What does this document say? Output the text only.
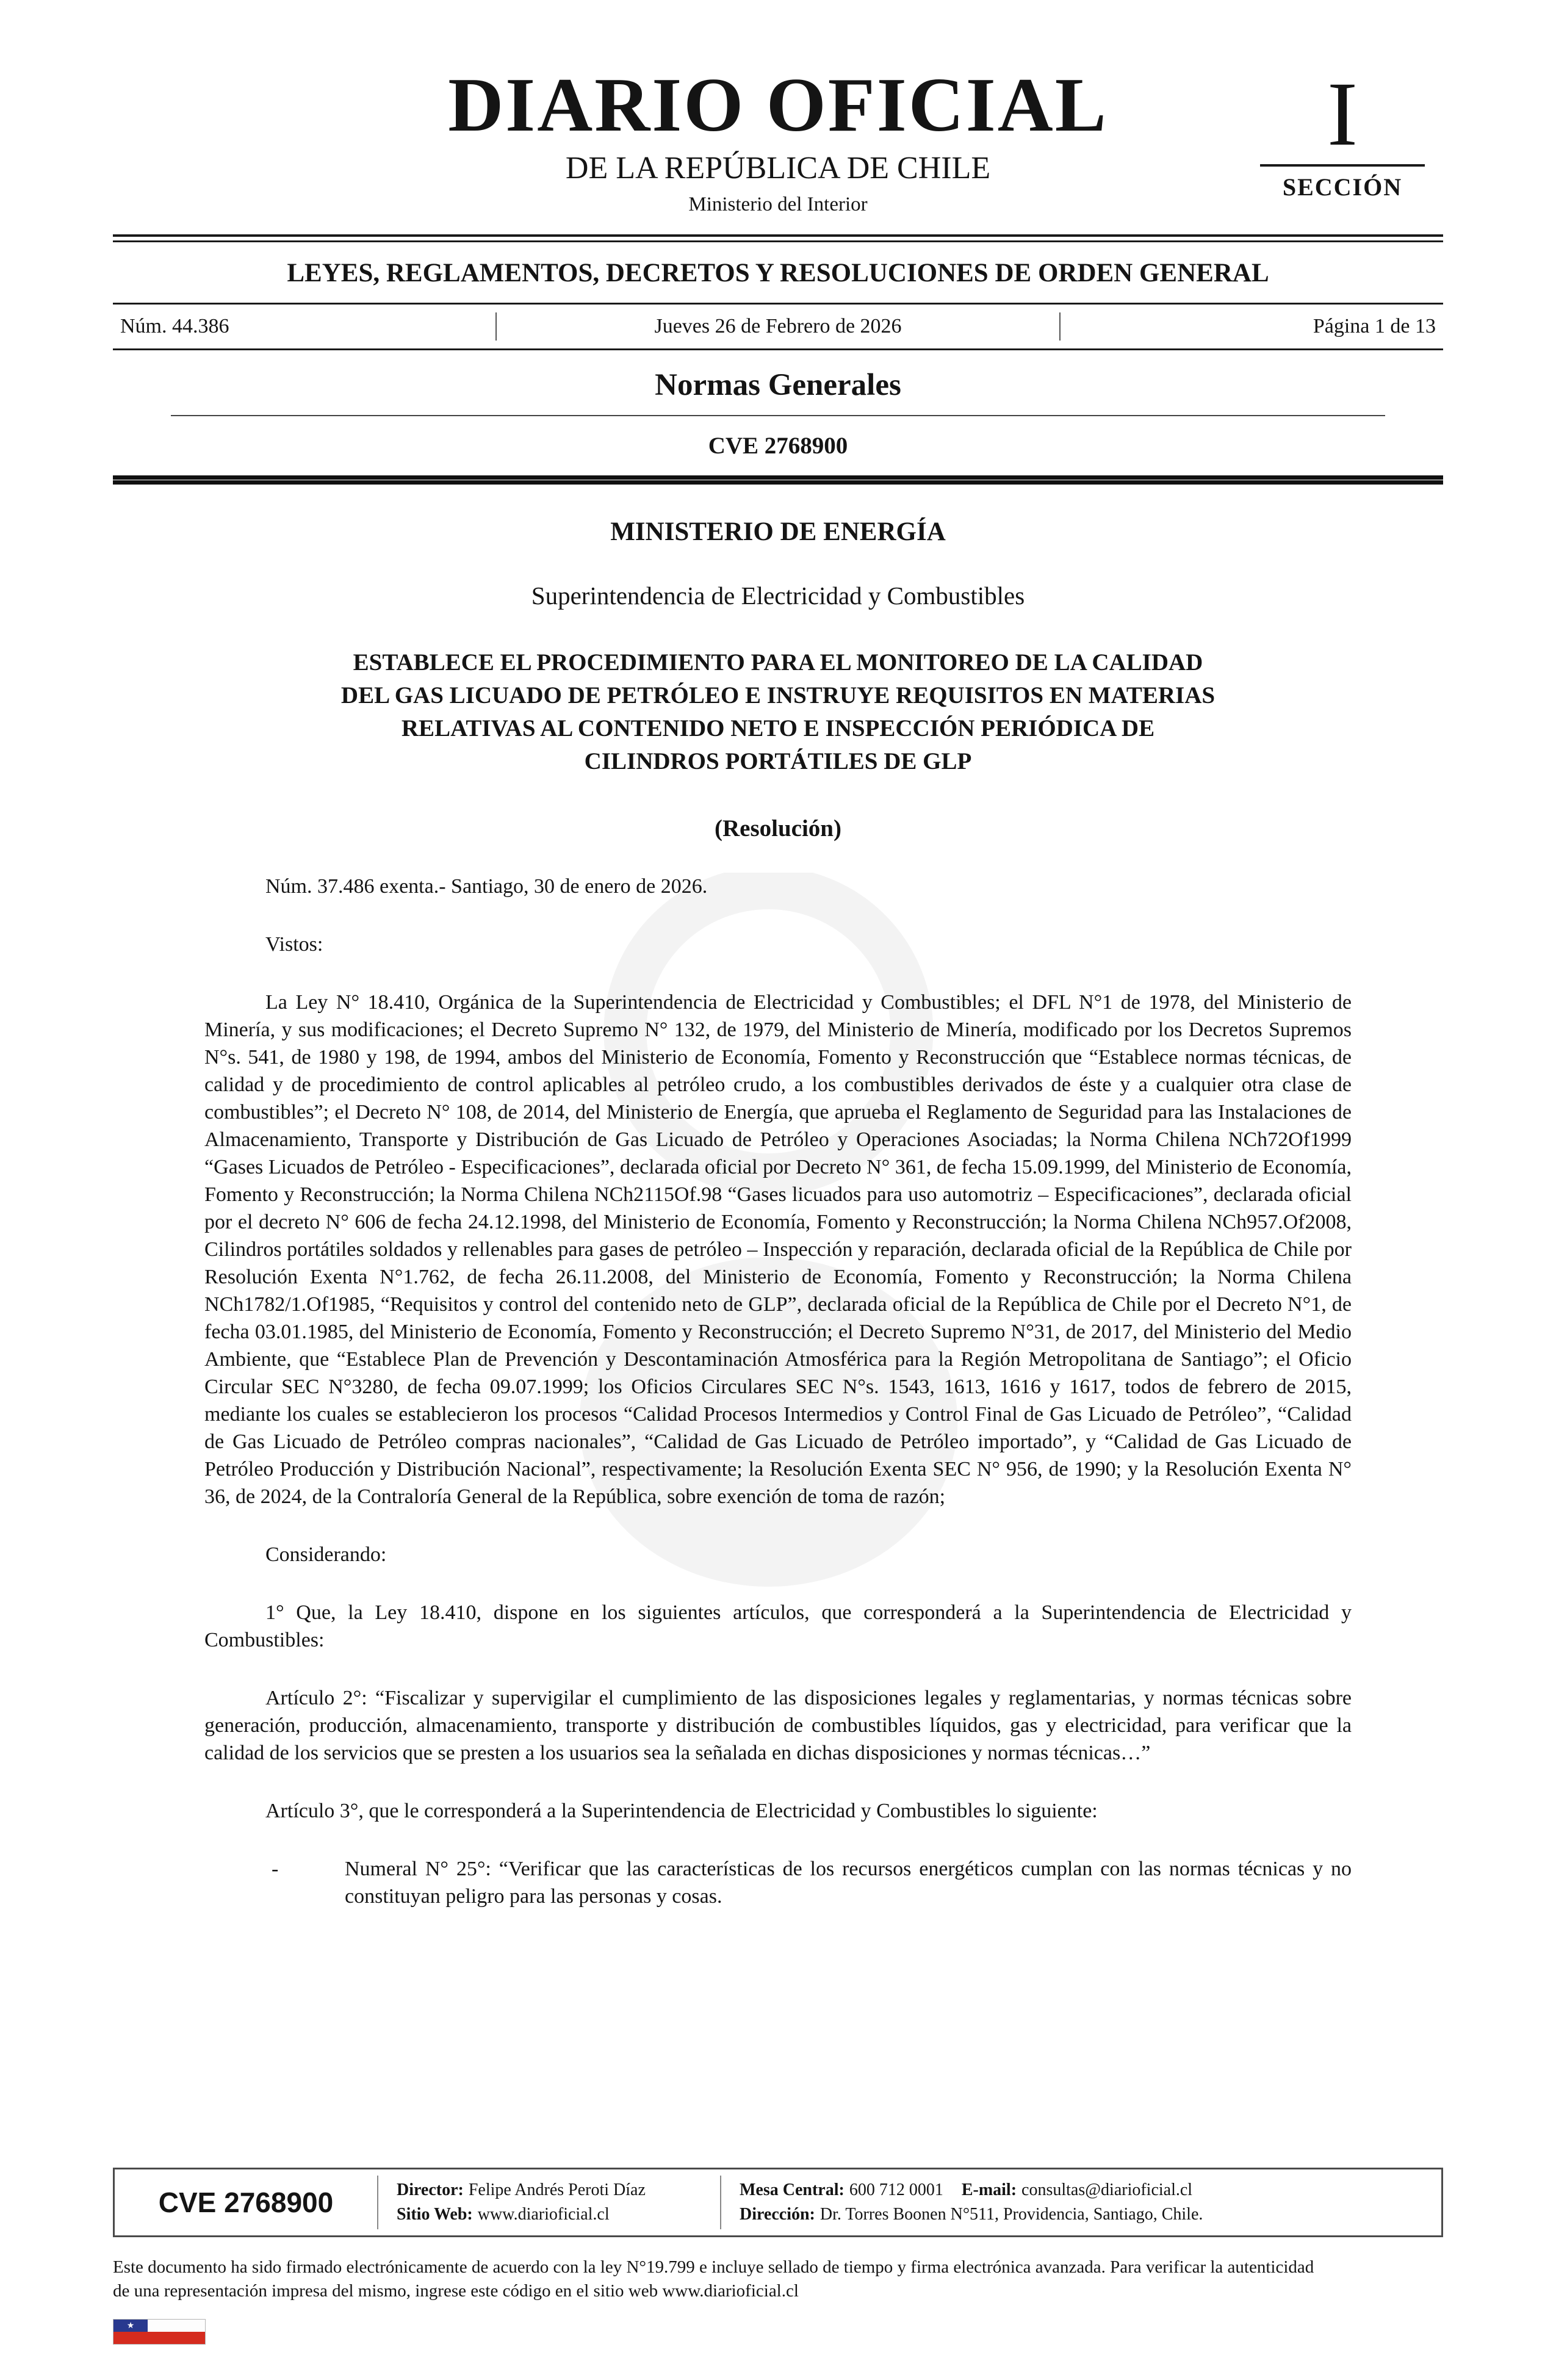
DIARIO OFICIAL
DE LA REPÚBLICA DE CHILE
Ministerio del Interior
I
SECCIÓN
LEYES, REGLAMENTOS, DECRETOS Y RESOLUCIONES DE ORDEN GENERAL
Núm. 44.386	Jueves 26 de Febrero de 2026	Página 1 de 13
Normas Generales
CVE 2768900
MINISTERIO DE ENERGÍA
Superintendencia de Electricidad y Combustibles
ESTABLECE EL PROCEDIMIENTO PARA EL MONITOREO DE LA CALIDAD
DEL GAS LICUADO DE PETRÓLEO E INSTRUYE REQUISITOS EN MATERIAS
RELATIVAS AL CONTENIDO NETO E INSPECCIÓN PERIÓDICA DE
CILINDROS PORTÁTILES DE GLP
(Resolución)

Núm. 37.486 exenta.- Santiago, 30 de enero de 2026.

Vistos:

La Ley N° 18.410, Orgánica de la Superintendencia de Electricidad y Combustibles; el DFL N°1 de 1978, del Ministerio de Minería, y sus modificaciones; el Decreto Supremo N° 132, de 1979, del Ministerio de Minería, modificado por los Decretos Supremos N°s. 541, de 1980 y 198, de 1994, ambos del Ministerio de Economía, Fomento y Reconstrucción que “Establece normas técnicas, de calidad y de procedimiento de control aplicables al petróleo crudo, a los combustibles derivados de éste y a cualquier otra clase de combustibles”; el Decreto N° 108, de 2014, del Ministerio de Energía, que aprueba el Reglamento de Seguridad para las Instalaciones de Almacenamiento, Transporte y Distribución de Gas Licuado de Petróleo y Operaciones Asociadas; la Norma Chilena NCh72Of1999 “Gases Licuados de Petróleo - Especificaciones”, declarada oficial por Decreto N° 361, de fecha 15.09.1999, del Ministerio de Economía, Fomento y Reconstrucción; la Norma Chilena NCh2115Of.98 “Gases licuados para uso automotriz – Especificaciones”, declarada oficial por el decreto N° 606 de fecha 24.12.1998, del Ministerio de Economía, Fomento y Reconstrucción; la Norma Chilena NCh957.Of2008, Cilindros portátiles soldados y rellenables para gases de petróleo – Inspección y reparación, declarada oficial de la República de Chile por Resolución Exenta N°1.762, de fecha 26.11.2008, del Ministerio de Economía, Fomento y Reconstrucción; la Norma Chilena NCh1782/1.Of1985, “Requisitos y control del contenido neto de GLP”, declarada oficial de la República de Chile por el Decreto N°1, de fecha 03.01.1985, del Ministerio de Economía, Fomento y Reconstrucción; el Decreto Supremo N°31, de 2017, del Ministerio del Medio Ambiente, que “Establece Plan de Prevención y Descontaminación Atmosférica para la Región Metropolitana de Santiago”; el Oficio Circular SEC N°3280, de fecha 09.07.1999; los Oficios Circulares SEC N°s. 1543, 1613, 1616 y 1617, todos de febrero de 2015, mediante los cuales se establecieron los procesos “Calidad Procesos Intermedios y Control Final de Gas Licuado de Petróleo”, “Calidad de Gas Licuado de Petróleo compras nacionales”, “Calidad de Gas Licuado de Petróleo importado”, y “Calidad de Gas Licuado de Petróleo Producción y Distribución Nacional”, respectivamente; la Resolución Exenta SEC N° 956, de 1990; y la Resolución Exenta N° 36, de 2024, de la Contraloría General de la República, sobre exención de toma de razón;

Considerando:

1° Que, la Ley 18.410, dispone en los siguientes artículos, que corresponderá a la Superintendencia de Electricidad y Combustibles:

Artículo 2°: “Fiscalizar y supervigilar el cumplimiento de las disposiciones legales y reglamentarias, y normas técnicas sobre generación, producción, almacenamiento, transporte y distribución de combustibles líquidos, gas y electricidad, para verificar que la calidad de los servicios que se presten a los usuarios sea la señalada en dichas disposiciones y normas técnicas…”

Artículo 3°, que le corresponderá a la Superintendencia de Electricidad y Combustibles lo siguiente:

-	Numeral N° 25°: “Verificar que las características de los recursos energéticos cumplan con las normas técnicas y no constituyan peligro para las personas y cosas.
CVE 2768900	Director: Felipe Andrés Peroti Díaz
Sitio Web: www.diarioficial.cl
Mesa Central: 600 712 0001 E-mail: consultas@diarioficial.cl
Dirección: Dr. Torres Boonen N°511, Providencia, Santiago, Chile.

Este documento ha sido firmado electrónicamente de acuerdo con la ley N°19.799 e incluye sellado de tiempo y firma electrónica avanzada. Para verificar la autenticidad de una representación impresa del mismo, ingrese este código en el sitio web www.diarioficial.cl

★
